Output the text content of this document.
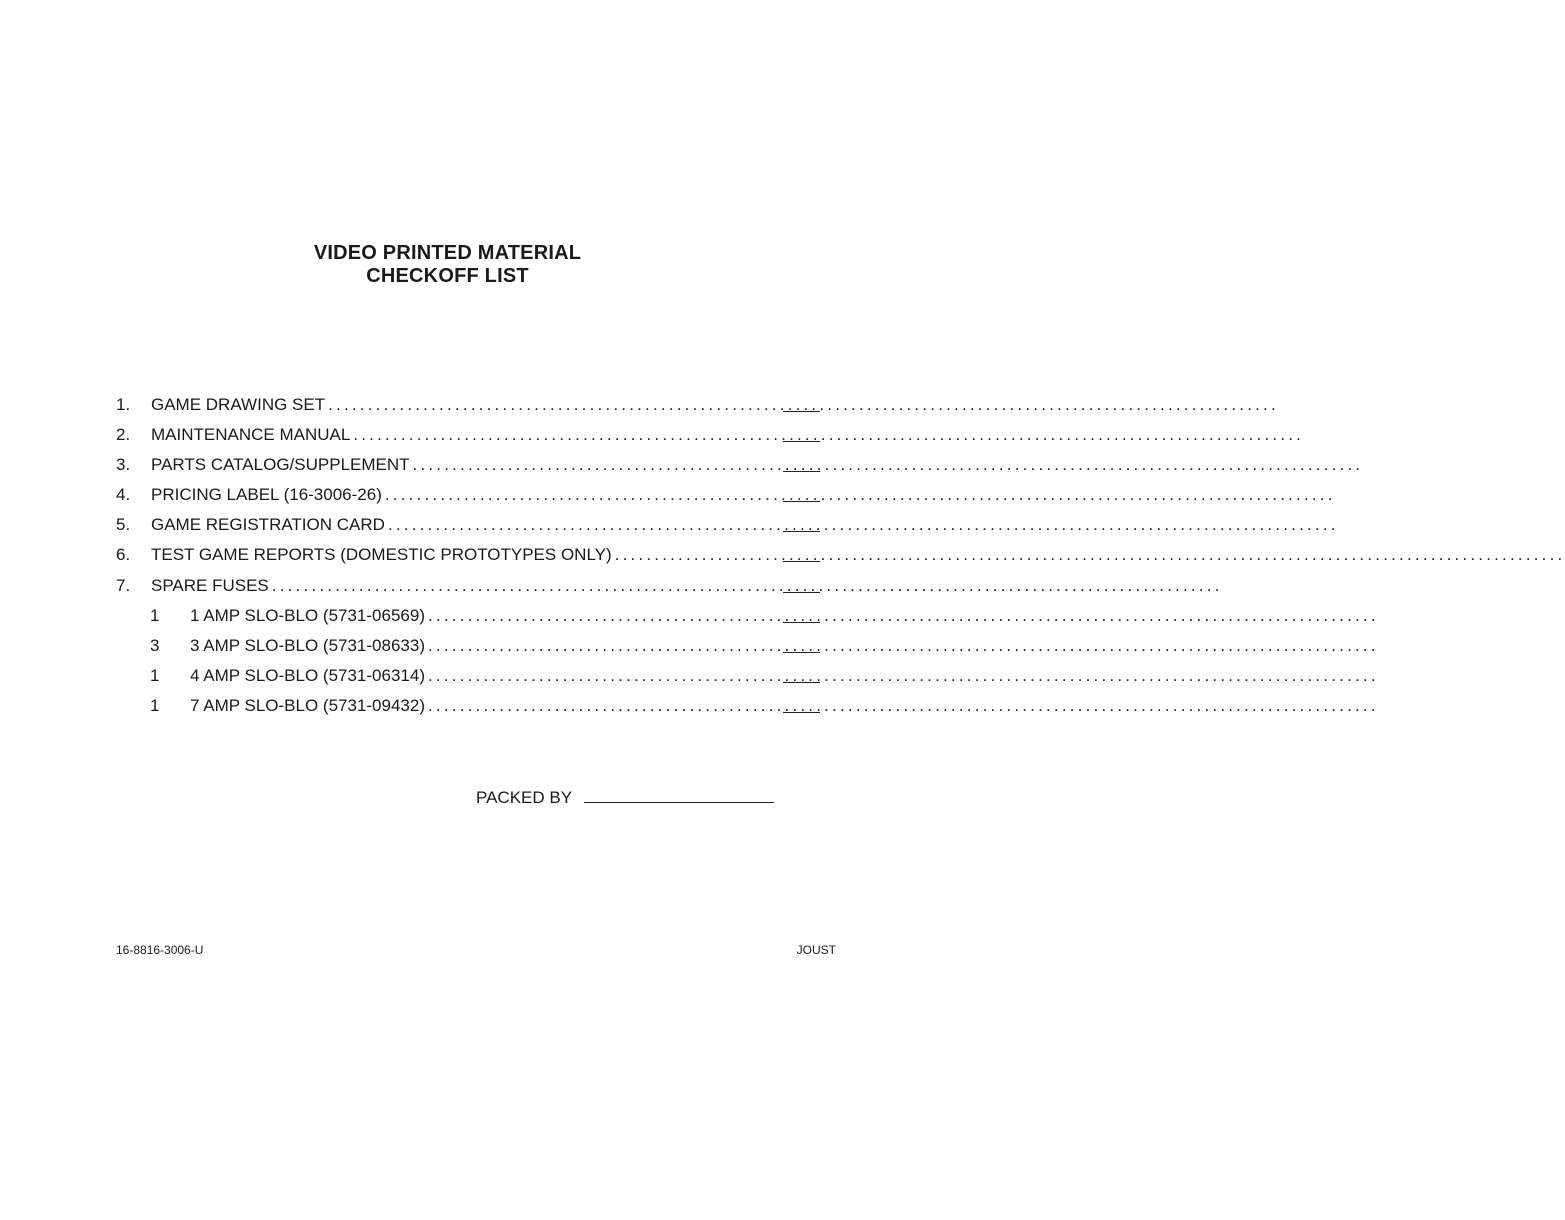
VIDEO PRINTED MATERIAL
CHECKOFF LIST
1.	GAME DRAWING SET ........................................................................................................................
2.	MAINTENANCE MANUAL ........................................................................................................................
3.	PARTS CATALOG/SUPPLEMENT ........................................................................................................................
4.	PRICING LABEL (16-3006-26) ........................................................................................................................
5.	GAME REGISTRATION CARD ........................................................................................................................
6.	TEST GAME REPORTS (DOMESTIC PROTOTYPES ONLY) ........................................................................................................................
7.	SPARE FUSES ........................................................................................................................
1	1 AMP SLO-BLO (5731-06569) ........................................................................................................................
3	3 AMP SLO-BLO (5731-08633) ........................................................................................................................
1	4 AMP SLO-BLO (5731-06314) ........................................................................................................................
1	7 AMP SLO-BLO (5731-09432) ........................................................................................................................
PACKED BY
16-8816-3006-U	JOUST
